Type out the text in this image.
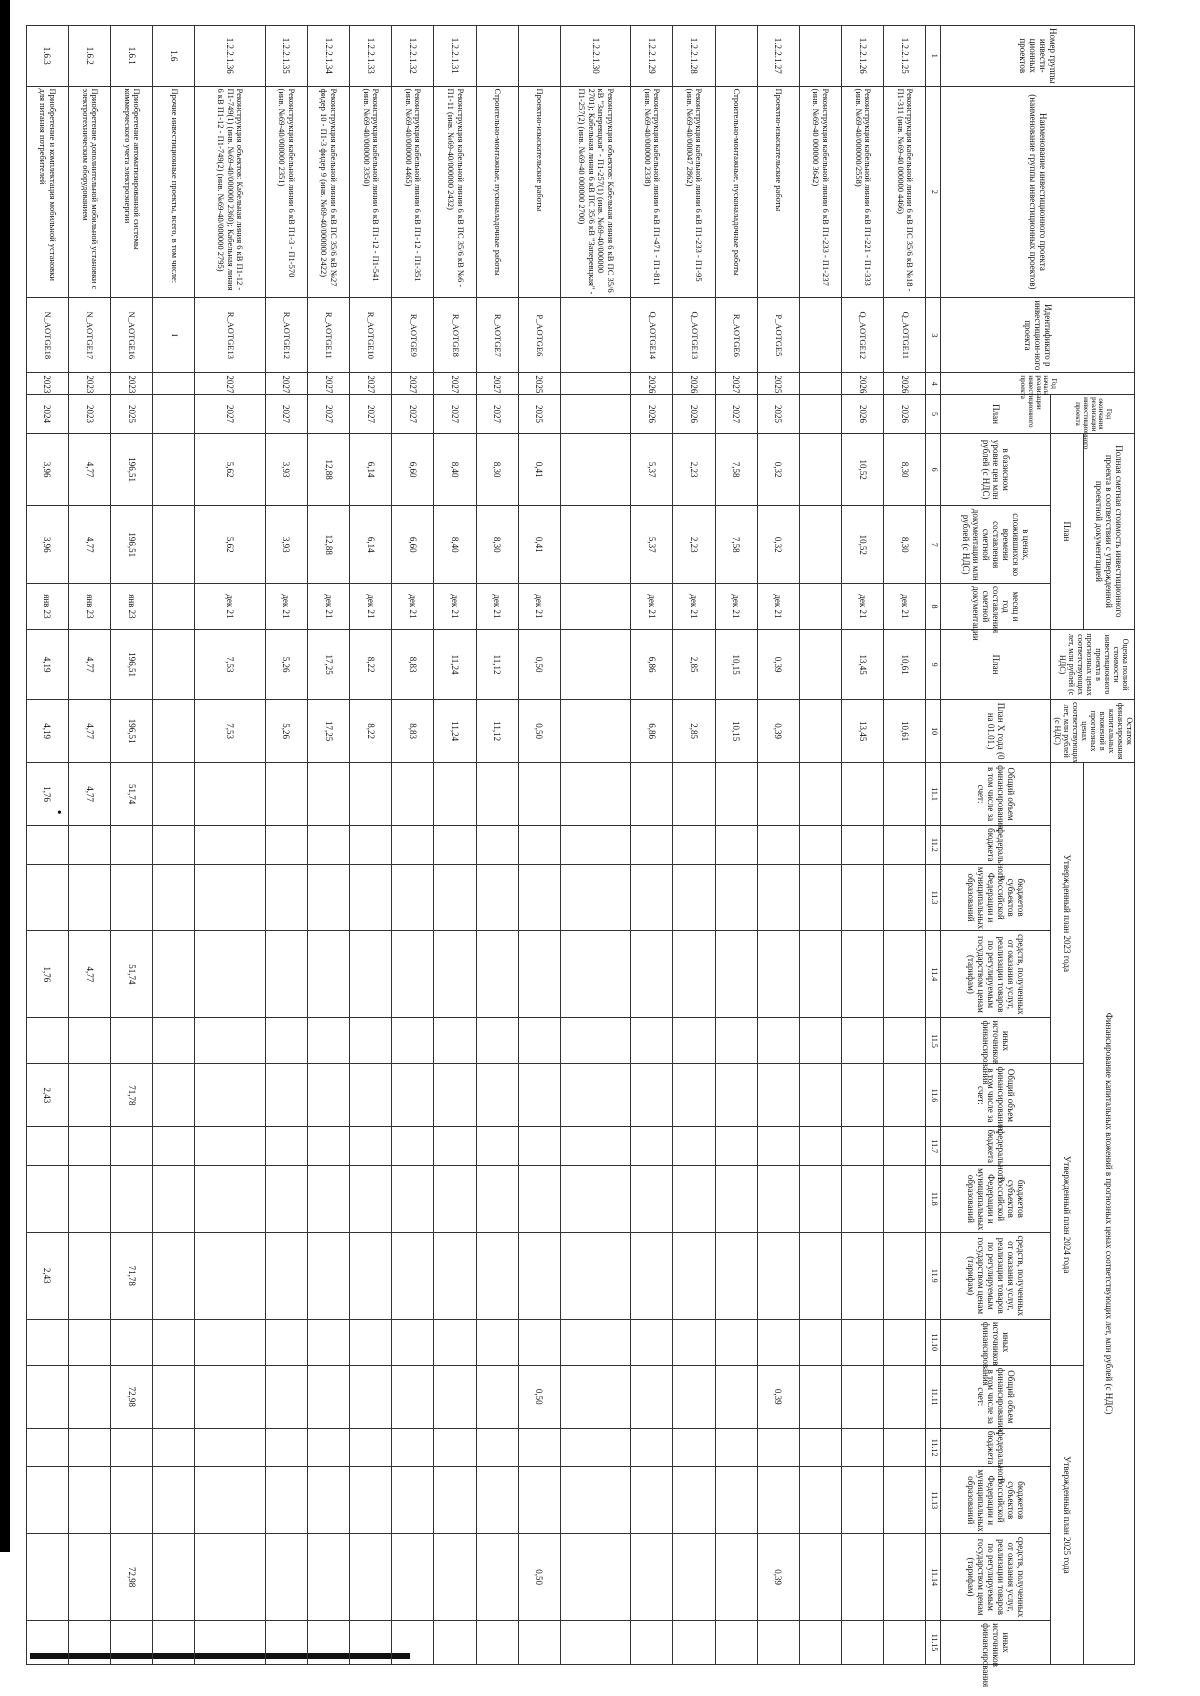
•
Номер группы инвести-ционных проектов	Наименование инвестиционного проекта (наименование группы инвестиционных проектов)	Идентификато р инвестицион-ного проекта	Год начала реализации инвестиционного проекта	Год окончания реализации инвестиционного проекта	Полная сметная стоимость инвестиционного проекта в соответствии с утвержденной проектной документацией			Оценка полной стоимости инвестиционного проекта в прогнозных ценах соответствующих лет, млн рублей (с НДС)	Остаток финансирования капитальных вложений в прогнозных ценах соответствующих лет, млн рублей (с НДС)	Финансирование капитальных вложений в прогнозных ценах соответствующих лет, млн рублей (с НДС)														
					План					Утвержденный план 2023 года					Утвержденный план 2024 года					Утвержденный план 2025 года				
				План	в базисном уровне цен млн рублей (с НДС)	в ценах, сложившихся ко времени составления сметной документации млн рублей (с НДС)	месяц и год составления сметной документации	План	План X года (0 на 01.01.)	Общий объем финансирования, в том числе за счет:	федерального бюджета	бюджетов субъектов Российской Федерации и муниципальных образований	средств, полученных от оказания услуг, реализации товаров по регулируемым государством ценам (тарифам)	иных источников финансирования	Общий объем финансирования, в том числе за счет:	федерального бюджета	бюджетов субъектов Российской Федерации и муниципальных образований	средств, полученных от оказания услуг, реализации товаров по регулируемым государством ценам (тарифам)	иных источников финансирования	Общий объем финансирования, в том числе за счет:	федерального бюджета	бюджетов субъектов Российской Федерации и муниципальных образований	средств, полученных от оказания услуг, реализации товаров по регулируемым государством ценам (тарифам)	иных источников финансирования
1	2	3	4	5	6	7	8	9	10	11.1	11.2	11.3	11.4	11.5	11.6	11.7	11.8	11.9	11.10	11.11	11.12	11.13	11.14	11.15
1.2.2.1.25	Реконструкция кабельной линии 6 кВ ПС 35/6 кВ №18 - П1-311 (инв. №69-40 000000 4466)	Q_AOТGE11	2026	2026	8,30	8,30	дек 21	10,61	10,61															
1.2.2.1.26	Реконструкция кабельной линии 6 кВ П1-221 - П1-333 (инв. №69-40/000000/2558)	Q_AOТGE12	2026	2026	10,52	10,52	дек 21	13,45	13,45															
	Реконструкция кабельной линии 6 кВ П1-233 - П1-237 (инв. №69-40 000000 3642)																							
1.2.2.1.27	Проектно-изыскательские работы	P_AOТGE5	2025	2025	0,32	0,32	дек 21	0,39	0,39											0,39			0,39	
	Строительно-монтажные, пусконаладочные работы	R_AOТGE6	2027	2027	7,58	7,58	дек 21	10,15	10,15															
1.2.2.1.28	Реконструкция кабельной линии 6 кВ П1-233 - П1-95 (инв. №69-40/000047 2862)	Q_AOТGE13	2026	2026	2,23	2,23	дек 21	2,85	2,85															
1.2.2.1.29	Реконструкция кабельной линии 6 кВ П1-471 - П1-811 (инв. №69-40/000000 2338)	Q_AOТGE14	2026	2026	5,37	5,37	дек 21	6,86	6,86															
1.2.2.1.30	Реконструкция объектов: Кабельная линия 6 кВ ПС 35/6 кВ "Заперевцкая" - П1-257(1) (инв. №69-40/000000 2701); Кабельная линия 6 кВ ПС 35/6 кВ "Заперевцкая" - П1-257(2) (инв. №69-40 000000 2700)																							
	Проектно-изыскательские работы	P_AOТGE6	2025	2025	0,41	0,41	дек 21	0,50	0,50											0,50			0,50	
	Строительно-монтажные, пусконаладочные работы	R_AOТGE7	2027	2027	8,30	8,30	дек 21	11,12	11,12															
1.2.2.1.31	Реконструкция кабельной линии 6 кВ ПС 35/6 кВ №6 - П1-11 (инв. №69-40/000000 2432)	R_AOТGE8	2027	2027	8,40	8,40	дек 21	11,24	11,24															
1.2.2.1.32	Реконструкция кабельной линии 6 кВ П1-12 - П1-351 (инв. №69-40/000000 4465)	R_AOТGE9	2027	2027	6,60	6,60	дек 21	8,83	8,83															
1.2.2.1.33	Реконструкция кабельной линии 6 кВ П1-12 - П1-541 (инв. №69-40/000000 3350)	R_AOТGE10	2027	2027	6,14	6,14	дек 21	8,22	8,22															
1.2.2.1.34	Реконструкция кабельной линии 6 кВ ПС 35/6 кВ №27 фидер 10 - П1-3 фидер 9 (инв. №69-40/000000 2422)	R_AOТGE11	2027	2027	12,88	12,88	дек 21	17,25	17,25															
1.2.2.1.35	Реконструкция кабельной линии 6 кВ П1-3 - П1-570 (инв. №69-40/000000 2351)	R_AOТGE12	2027	2027	3,93	3,93	дек 21	5,26	5,26															
1.2.2.1.36	Реконструкция объектов: Кабельная линия 6 кВ П1-12 - П1-749(1) (инв. №69-40/000000 2360); Кабельная линия 6 кВ П1-12 - П1-749(2) (инв. №69-40/000000 2795)	R_AOТGE13	2027	2027	5,62	5,62	дек 21	7,53	7,53															
1.6	Прочие инвестиционные проекты, всего, в том числе:	I																						
1.6.1	Приобретение автоматизированной системы коммерческого учета электроэнергии	N_AOТGE16	2023	2025	196,51	196,51	янв 23	196,51	196,51	51,74			51,74		71,78			71,78		72,98			72,98	
1.6.2	Приобретение дополнительной мобильной установки с электротехническим оборудованием	N_AOТGE17	2023	2023	4,77	4,77	янв 23	4,77	4,77	4,77			4,77											
1.6.3	Приобретение и комплектация мобильной установки для питания потребителей	N_AOТGE18	2023	2024	3,96	3,96	янв 23	4,19	4,19	1,76			1,76		2,43			2,43						
